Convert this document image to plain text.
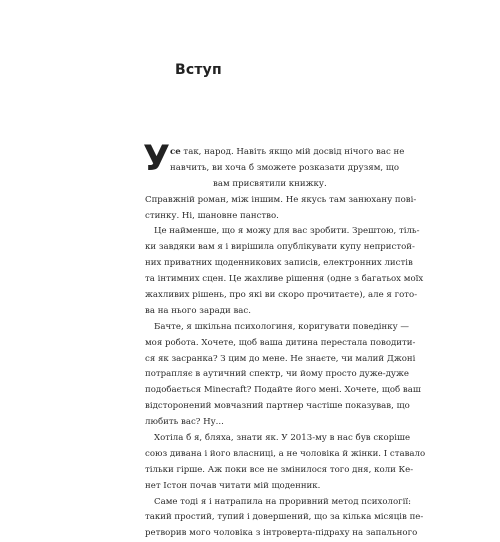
Вступ
У се так, народ. Навіть якщо мій досвід нічого вас не
навчить, ви хоча б зможете розказати друзям, що
вам присвятили книжку.
Справжній роман, між іншим. Не якусь там занюхану пові-
стинку. Ні, шановне панство.
Це найменше, що я можу для вас зробити. Зрештою, тіль-
ки завдяки вам я і вирішила опублікувати купу непристой-
них приватних щоденникових записів, електронних листів
та інтимних сцен. Це жахливе рішення (одне з багатьох моїх
жахливих рішень, про які ви скоро прочитаєте), але я гото-
ва на нього заради вас.
Бачте, я шкільна психологиня, коригувати поведінку —
моя робота. Хочете, щоб ваша дитина перестала поводити-
ся як засранка? З цим до мене. Не знаєте, чи малий Джоні
потрапляє в аутичний спектр, чи йому просто дуже-дуже
подобається Minecraft? Подайте його мені. Хочете, щоб ваш
відсторонений мовчазний партнер частіше показував, що
любить вас? Ну...
Хотіла б я, бляха, знати як. У 2013-му в нас був скоріше
союз дивана і його власниці, а не чоловіка й жінки. І ставало
тільки гірше. Аж поки все не змінилося того дня, коли Ке-
нет Істон почав читати мій щоденник.
Саме тоді я і натрапила на проривний метод психології:
такий простий, тупий і довершений, що за кілька місяців пе-
ретворив мого чоловіка з інтроверта-підраху на запального
